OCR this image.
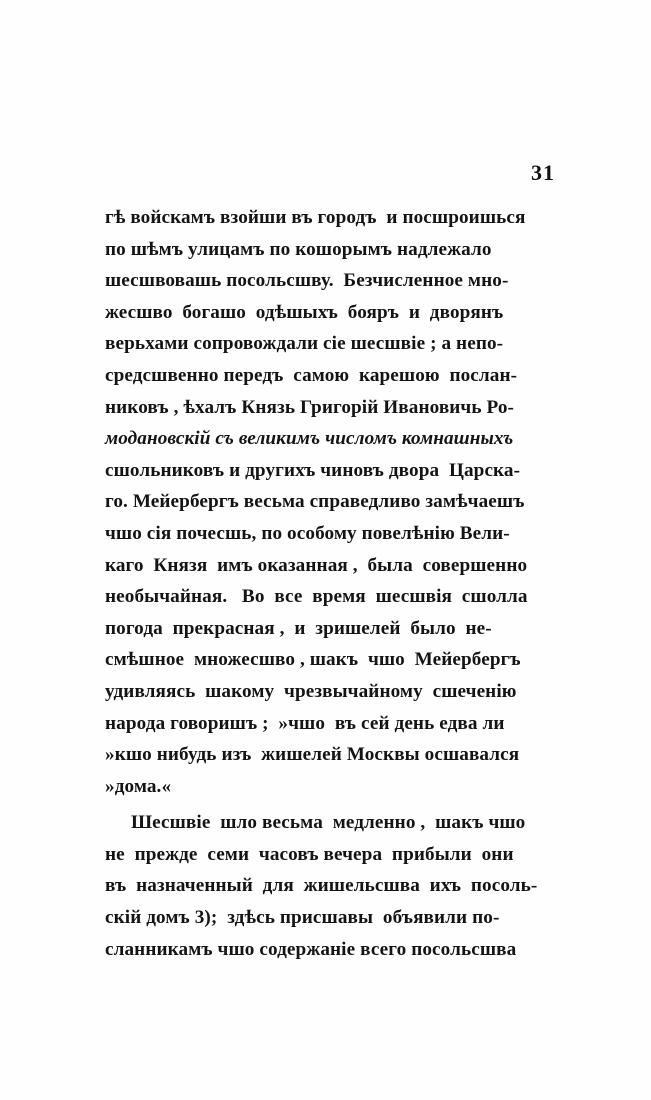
31

гѣ войскамъ взойши въ городъ  и посшроишься
по шѣмъ улицамъ по кошорымъ надлежало
шесшвовашь посольсшву.  Безчисленное мно-
жесшво  богашо  одѣшыхъ  бояръ  и  дворянъ
верьхами сопровождали сіе шесшвіе ; а непо-
средсшвенно передъ  самою  карешою  послан-
никовъ , ѣхалъ Князь Григорій Ивановичь Ро-
модановскій съ великимъ числомъ комнашныхъ
сшольниковъ и другихъ чиновъ двора  Царска-
го. Мейербергъ весьма справедливо замѣчаешъ
чшо сія почесшь, по особому повелѣнію Вели-
каго  Князя  имъ оказанная ,  была  совершенно
необычайная.   Во  все  время  шесшвія  сшолла
погода  прекрасная ,  и  зришелей  было  не-
смѣшное  множесшво , шакъ  чшо  Мейербергъ
удивляясь  шакому  чрезвычайному  сшеченію
народа говоришъ ;  »чшо  въ сей день едва ли
»кшо нибудь изъ  жишелей Москвы осшавался
»дома.«

Шесшвіе  шло весьма  медленно ,  шакъ чшо
не  прежде  семи  часовъ вечера  прибыли  они
въ  назначенный  для  жишельсшва  ихъ  посоль-
скій домъ 3);  здѣсь присшавы  объявили по-
сланникамъ чшо содержаніе всего посольсшва
